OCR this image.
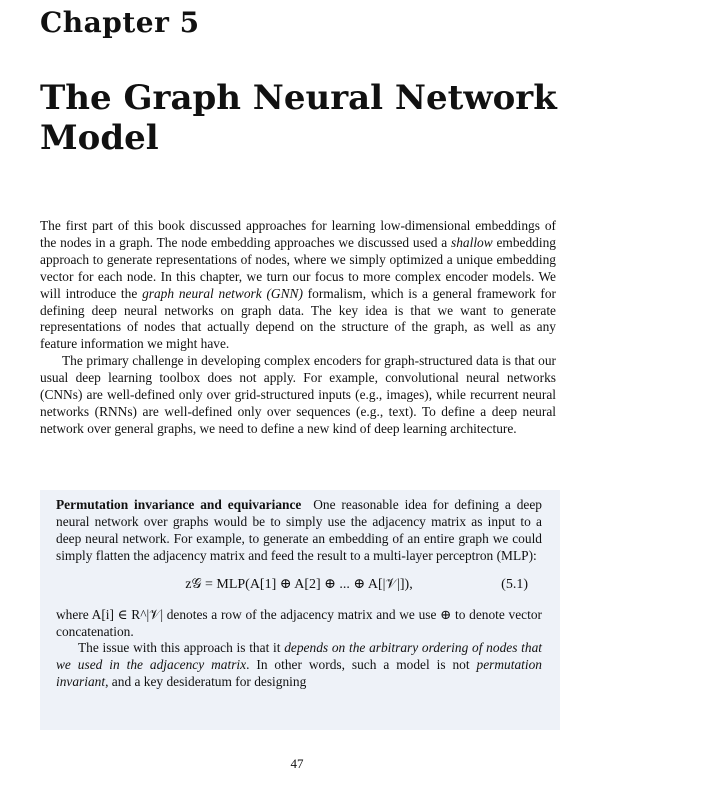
Chapter 5
The Graph Neural Network
Model

The first part of this book discussed approaches for learning low-dimensional embeddings of the nodes in a graph. The node embedding approaches we discussed used a shallow embedding approach to generate representations of nodes, where we simply optimized a unique embedding vector for each node. In this chapter, we turn our focus to more complex encoder models. We will introduce the graph neural network (GNN) formalism, which is a general framework for defining deep neural networks on graph data. The key idea is that we want to generate representations of nodes that actually depend on the structure of the graph, as well as any feature information we might have.

The primary challenge in developing complex encoders for graph-structured data is that our usual deep learning toolbox does not apply. For example, convolutional neural networks (CNNs) are well-defined only over grid-structured inputs (e.g., images), while recurrent neural networks (RNNs) are well-defined only over sequences (e.g., text). To define a deep neural network over general graphs, we need to define a new kind of deep learning architecture.

Permutation invariance and equivariance One reasonable idea for defining a deep neural network over graphs would be to simply use the adjacency matrix as input to a deep neural network. For example, to generate an embedding of an entire graph we could simply flatten the adjacency matrix and feed the result to a multi-layer perceptron (MLP):

z𝒢 = MLP(A[1] ⊕ A[2] ⊕ ... ⊕ A[|𝒱|]),	(5.1)

where A[i] ∈ R^|𝒱| denotes a row of the adjacency matrix and we use ⊕ to denote vector concatenation.

The issue with this approach is that it depends on the arbitrary ordering of nodes that we used in the adjacency matrix. In other words, such a model is not permutation invariant, and a key desideratum for designing

47
